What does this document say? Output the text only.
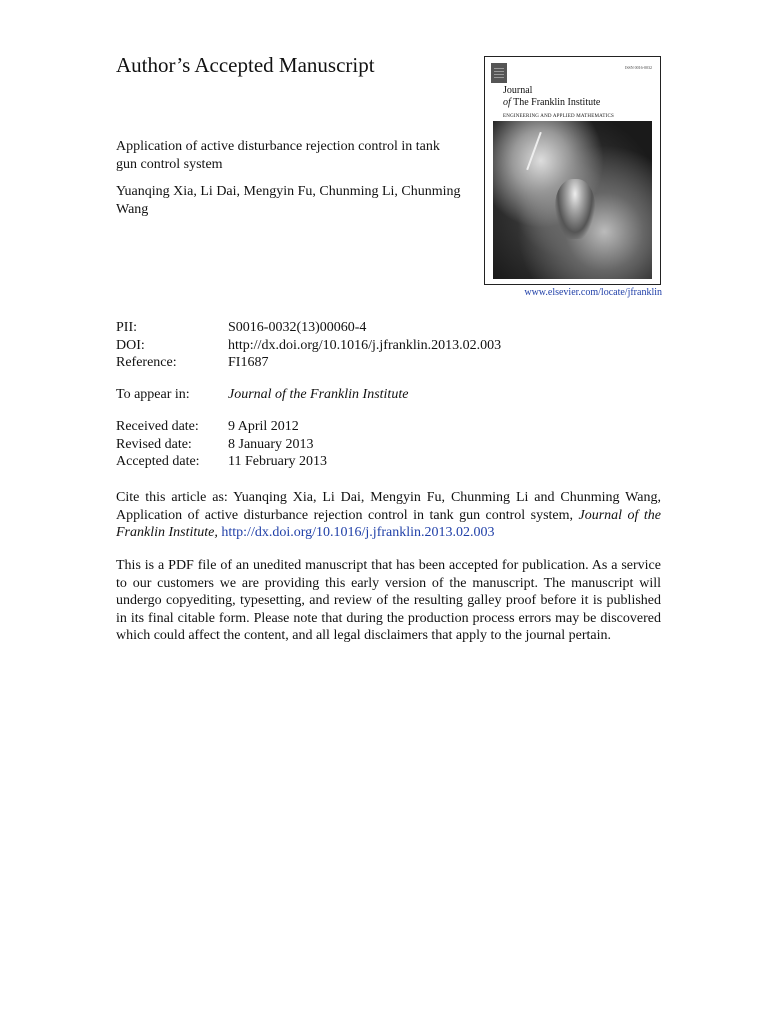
Author’s Accepted Manuscript
Application of active disturbance rejection control in tank gun control system

Yuanqing Xia, Li Dai, Mengyin Fu, Chunming Li, Chunming Wang

ISSN 0016-0032
Journal
of The Franklin Institute
ENGINEERING AND APPLIED MATHEMATICS
www.elsevier.com/locate/jfranklin
PII:	S0016-0032(13)00060-4
DOI:	http://dx.doi.org/10.1016/j.jfranklin.2013.02.003
Reference:	FI1687
To appear in:	Journal of the Franklin Institute
Received date:	9 April 2012
Revised date:	8 January 2013
Accepted date:	11 February 2013

Cite this article as: Yuanqing Xia, Li Dai, Mengyin Fu, Chunming Li and Chunming Wang, Application of active disturbance rejection control in tank gun control system, Journal of the Franklin Institute, http://dx.doi.org/10.1016/j.jfranklin.2013.02.003

This is a PDF file of an unedited manuscript that has been accepted for publication. As a service to our customers we are providing this early version of the manuscript. The manuscript will undergo copyediting, typesetting, and review of the resulting galley proof before it is published in its final citable form. Please note that during the production process errors may be discovered which could affect the content, and all legal disclaimers that apply to the journal pertain.
